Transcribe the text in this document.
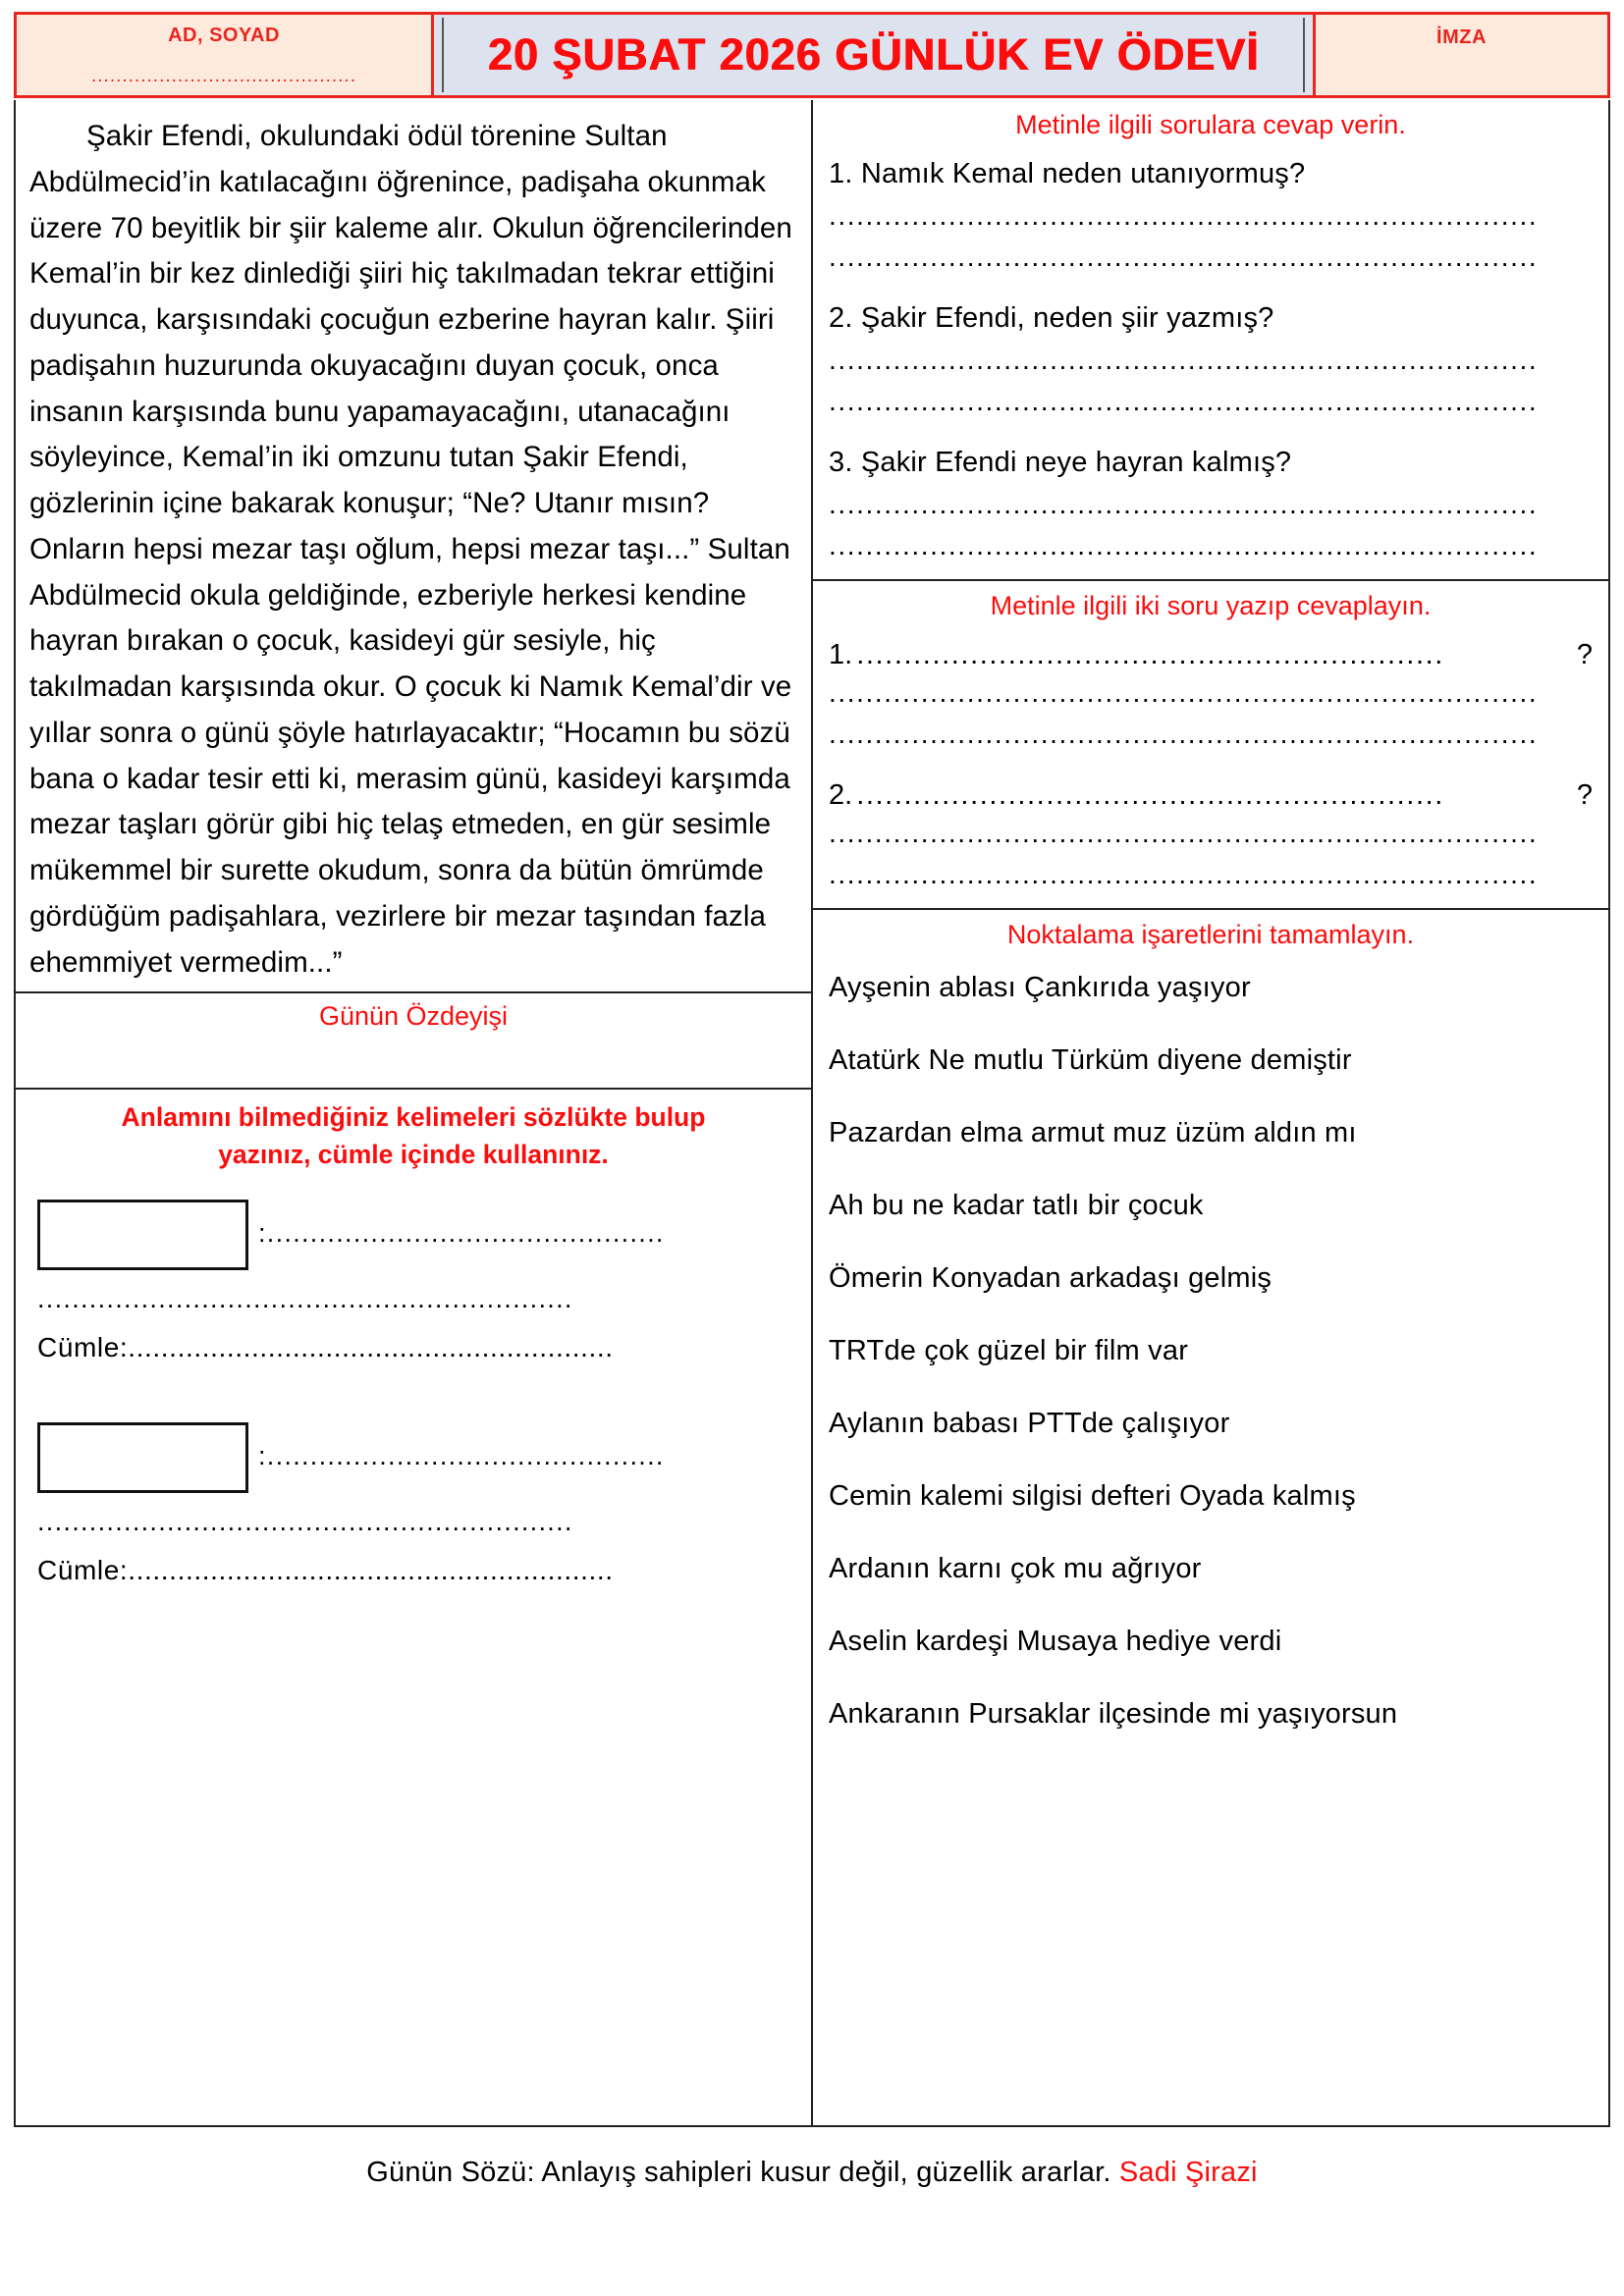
AD, SOYAD
...........................................	20 ŞUBAT 2026 GÜNLÜK EV ÖDEVİ	İMZA

Şakir Efendi, okulundaki ödül törenine Sultan Abdülmecid’in katılacağını öğrenince, padişaha okunmak üzere 70 beyitlik bir şiir kaleme alır. Okulun öğrencilerinden Kemal’in bir kez dinlediği şiiri hiç takılmadan tekrar ettiğini duyunca, karşısındaki çocuğun ezberine hayran kalır. Şiiri padişahın huzurunda okuyacağını duyan çocuk, onca insanın karşısında bunu yapamayacağını, utanacağını söyleyince, Kemal’in iki omzunu tutan Şakir Efendi, gözlerinin içine bakarak konuşur; “Ne? Utanır mısın? Onların hepsi mezar taşı oğlum, hepsi mezar taşı...” Sultan Abdülmecid okula geldiğinde, ezberiyle herkesi kendine hayran bırakan o çocuk, kasideyi gür sesiyle, hiç takılmadan karşısında okur. O çocuk ki Namık Kemal’dir ve yıllar sonra o günü şöyle hatırlayacaktır; “Hocamın bu sözü bana o kadar tesir etti ki, merasim günü, kasideyi karşımda mezar taşları görür gibi hiç telaş etmeden, en gür sesimle mükemmel bir surette okudum, sonra da bütün ömrümde gördüğüm padişahlara, vezirlere bir mezar taşından fazla ehemmiyet vermedim...”

Günün Özdeyişi
Anlamını bilmediğiniz kelimeleri sözlükte bulup
yazınız, cümle içinde kullanınız.
:..............................................
..............................................................
Cümle:...........................................................
:..............................................
..............................................................
Cümle:...........................................................
Metinle ilgili sorulara cevap verin.
1. Namık Kemal neden utanıyormuş?
.............................................................................
.............................................................................
2. Şakir Efendi, neden şiir yazmış?
.............................................................................
.............................................................................
3. Şakir Efendi neye hayran kalmış?
.............................................................................
.............................................................................
Metinle ilgili iki soru yazıp cevaplayın.
1. ..............................................................	?
.............................................................................
.............................................................................
2. ..............................................................	?
.............................................................................
.............................................................................
Noktalama işaretlerini tamamlayın.
Ayşenin ablası Çankırıda yaşıyor
Atatürk Ne mutlu Türküm diyene demiştir
Pazardan elma armut muz üzüm aldın mı
Ah bu ne kadar tatlı bir çocuk
Ömerin Konyadan arkadaşı gelmiş
TRTde çok güzel bir film var
Aylanın babası PTTde çalışıyor
Cemin kalemi silgisi defteri Oyada kalmış
Ardanın karnı çok mu ağrıyor
Aselin kardeşi Musaya hediye verdi
Ankaranın Pursaklar ilçesinde mi yaşıyorsun
Günün Sözü: Anlayış sahipleri kusur değil, güzellik ararlar. Sadi Şirazi
